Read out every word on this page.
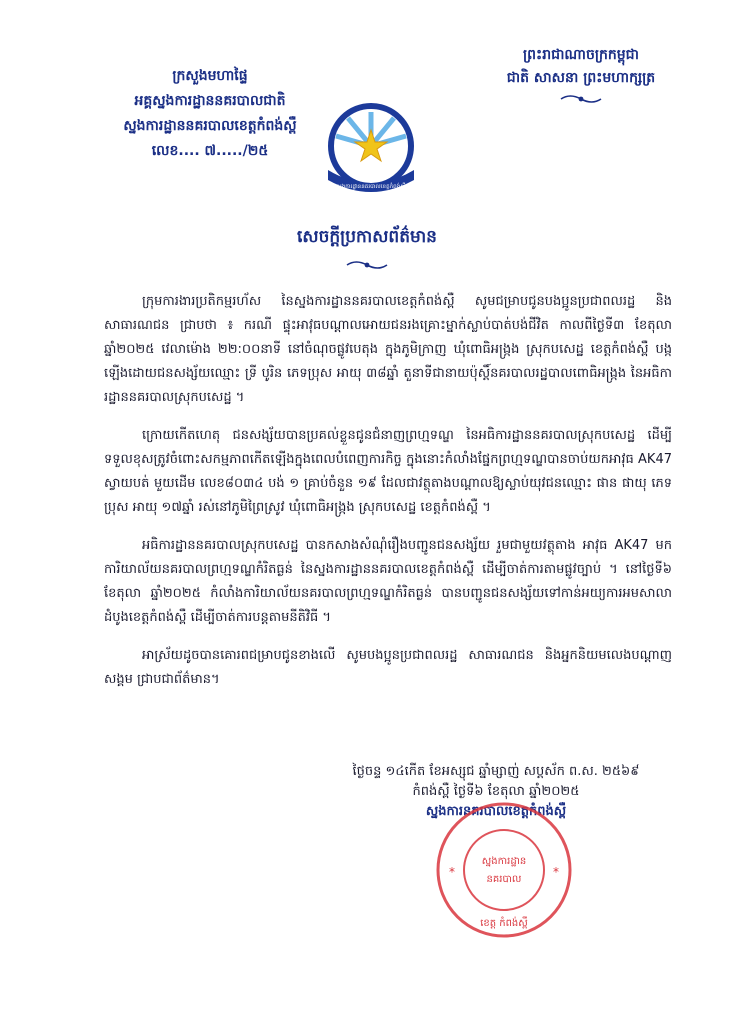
ក្រសួងមហាផ្ទៃ
អគ្គស្នងការដ្ឋាននគរបាលជាតិ
ស្នងការដ្ឋាននគរបាលខេត្តកំពង់ស្ពឺ
លេខ.... ៧...../២៥
ព្រះរាជាណាចក្រកម្ពុជា
ជាតិ សាសនា ព្រះមហាក្សត្រ
ស្នងការដ្ឋាននគរបាលខេត្តកំពង់ស្ពឺ
សេចក្តីប្រកាសព័ត៌មាន

ក្រុមការងារប្រតិកម្មរហ័ស នៃស្នងការដ្ឋាននគរបាលខេត្តកំពង់ស្ពឺ សូមជម្រាបជូនបងប្អូនប្រជាពលរដ្ឋ និងសាធារណជន ជ្រាបថា ៖ ករណី ផ្ទុះអាវុធបណ្តាលអោយជនរងគ្រោះម្នាក់ស្លាប់បាត់បង់ជីវិត កាលពីថ្ងៃទី៣ ខែតុលា ឆ្នាំ២០២៥ វេលាម៉ោង ២២:០០នាទី នៅចំណុចផ្លូវបេតុង ក្នុងភូមិក្រាញ ឃុំពោធិអង្រ្កង ស្រុកបសេដ្ឋ ខេត្តកំពង់ស្ពឺ បង្កឡើងដោយជនសង្ស័យឈ្មោះ ទ្រី បូរិន ភេទប្រុស អាយុ ៣៨ឆ្នាំ តួនាទីជានាយប៉ុស្តិ៍នគរបាលរដ្ឋបាលពោធិអង្រ្កង នៃអធិការដ្ឋាននគរបាលស្រុកបសេដ្ឋ ។

ក្រោយកើតហេតុ ជនសង្ស័យបានប្រគល់ខ្លួនជូនជំនាញព្រហ្មទណ្ឌ នៃអធិការដ្ឋាននគរបាលស្រុកបសេដ្ឋ ដើម្បីទទួលខុសត្រូវចំពោះសកម្មភាពកើតឡើងក្នុងពេលបំពេញការកិច្ច ក្នុងនោះកំលាំងផ្នែកព្រហ្មទណ្ឌបានចាប់យកអាវុធ AK47 ស្វាយបត់ មួយដើម លេខ៨០៣៤ បង់ ១ គ្រាប់ចំនួន ១៩ ដែលជាវត្ថុតាងបណ្តាលឱ្យស្លាប់យុវជនឈ្មោះ ផាន ផាយុ ភេទប្រុស អាយុ ១៧ឆ្នាំ រស់នៅភូមិព្រៃស្រូវ ឃុំពោធិអង្រ្កង ស្រុកបសេដ្ឋ ខេត្តកំពង់ស្ពឺ ។

អធិការដ្ឋាននគរបាលស្រុកបសេដ្ឋ បានកសាងសំណុំរឿងបញ្ជូនជនសង្ស័យ រួមជាមួយវត្ថុតាង អាវុធ AK47 មកការិយាល័យនគរបាលព្រហ្មទណ្ឌកំរិតធ្ងន់ នៃស្នងការដ្ឋាននគរបាលខេត្តកំពង់ស្ពឺ ដើម្បីចាត់ការតាមផ្លូវច្បាប់ ។ នៅថ្ងៃទី៦ ខែតុលា ឆ្នាំ២០២៥ កំលាំងការិយាល័យនគរបាលព្រហ្មទណ្ឌកំរិតធ្ងន់ បានបញ្ជូនជនសង្ស័យទៅកាន់អយ្យការអមសាលាដំបូងខេត្តកំពង់ស្ពឺ ដើម្បីចាត់ការបន្តតាមនីតិវិធី ។

អាស្រ័យដូចបានគោរពជម្រាបជូនខាងលើ សូមបងប្អូនប្រជាពលរដ្ឋ សាធារណជន និងអ្នកនិយមលេងបណ្តាញសង្គម ជ្រាបជាព័ត៌មាន។

ថ្ងៃចន្ទ ១៤កើត ខែអស្សុជ ឆ្នាំម្សាញ់ សប្តស័ក ព.ស. ២៥៦៩
កំពង់ស្ពឺ ថ្ងៃទី៦ ខែតុលា ឆ្នាំ២០២៥
ស្នងការនគរបាលខេត្តកំពង់ស្ពឺ
ស្នងការដ្ឋាន
នគរបាល
ខេត្ត កំពង់ស្ពឺ
*	*
